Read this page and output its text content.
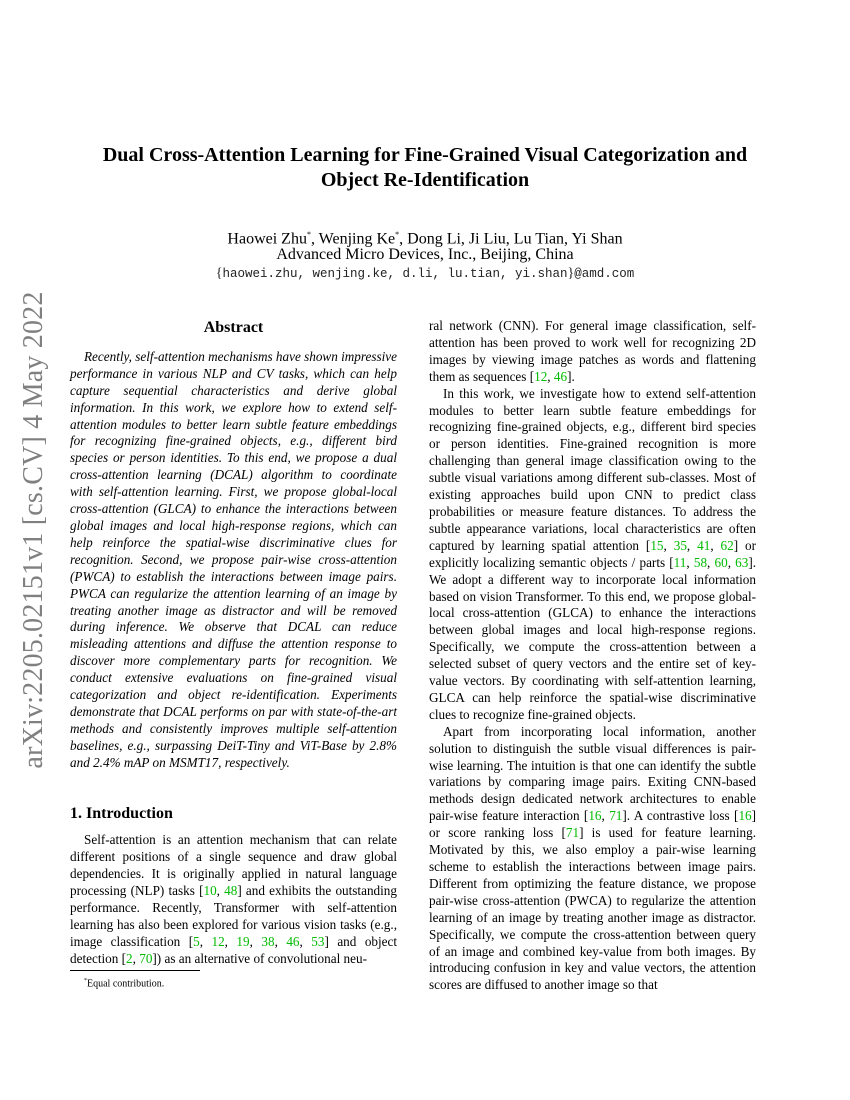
arXiv:2205.02151v1 [cs.CV] 4 May 2022
Dual Cross-Attention Learning for Fine-Grained Visual Categorization and
Object Re-Identification
Haowei Zhu*, Wenjing Ke*, Dong Li, Ji Liu, Lu Tian, Yi Shan
Advanced Micro Devices, Inc., Beijing, China
{haowei.zhu, wenjing.ke, d.li, lu.tian, yi.shan}@amd.com
Abstract

Recently, self-attention mechanisms have shown impressive performance in various NLP and CV tasks, which can help capture sequential characteristics and derive global information. In this work, we explore how to extend self-attention modules to better learn subtle feature embeddings for recognizing fine-grained objects, e.g., different bird species or person identities. To this end, we propose a dual cross-attention learning (DCAL) algorithm to coordinate with self-attention learning. First, we propose global-local cross-attention (GLCA) to enhance the interactions between global images and local high-response regions, which can help reinforce the spatial-wise discriminative clues for recognition. Second, we propose pair-wise cross-attention (PWCA) to establish the interactions between image pairs. PWCA can regularize the attention learning of an image by treating another image as distractor and will be removed during inference. We observe that DCAL can reduce misleading attentions and diffuse the attention response to discover more complementary parts for recognition. We conduct extensive evaluations on fine-grained visual categorization and object re-identification. Experiments demonstrate that DCAL performs on par with state-of-the-art methods and consistently improves multiple self-attention baselines, e.g., surpassing DeiT-Tiny and ViT-Base by 2.8% and 2.4% mAP on MSMT17, respectively.

1. Introduction

Self-attention is an attention mechanism that can relate different positions of a single sequence and draw global dependencies. It is originally applied in natural language processing (NLP) tasks [10, 48] and exhibits the outstanding performance. Recently, Transformer with self-attention learning has also been explored for various vision tasks (e.g., image classification [5, 12, 19, 38, 46, 53] and object detection [2, 70]) as an alternative of convolutional neu-

ral network (CNN). For general image classification, self-attention has been proved to work well for recognizing 2D images by viewing image patches as words and flattening them as sequences [12, 46].

In this work, we investigate how to extend self-attention modules to better learn subtle feature embeddings for recognizing fine-grained objects, e.g., different bird species or person identities. Fine-grained recognition is more challenging than general image classification owing to the subtle visual variations among different sub-classes. Most of existing approaches build upon CNN to predict class probabilities or measure feature distances. To address the subtle appearance variations, local characteristics are often captured by learning spatial attention [15, 35, 41, 62] or explicitly localizing semantic objects / parts [11, 58, 60, 63]. We adopt a different way to incorporate local information based on vision Transformer. To this end, we propose global-local cross-attention (GLCA) to enhance the interactions between global images and local high-response regions. Specifically, we compute the cross-attention between a selected subset of query vectors and the entire set of key-value vectors. By coordinating with self-attention learning, GLCA can help reinforce the spatial-wise discriminative clues to recognize fine-grained objects.

Apart from incorporating local information, another solution to distinguish the sutble visual differences is pair-wise learning. The intuition is that one can identify the subtle variations by comparing image pairs. Exiting CNN-based methods design dedicated network architectures to enable pair-wise feature interaction [16, 71]. A contrastive loss [16] or score ranking loss [71] is used for feature learning. Motivated by this, we also employ a pair-wise learning scheme to establish the interactions between image pairs. Different from optimizing the feature distance, we propose pair-wise cross-attention (PWCA) to regularize the attention learning of an image by treating another image as distractor. Specifically, we compute the cross-attention between query of an image and combined key-value from both images. By introducing confusion in key and value vectors, the attention scores are diffused to another image so that

*Equal contribution.
